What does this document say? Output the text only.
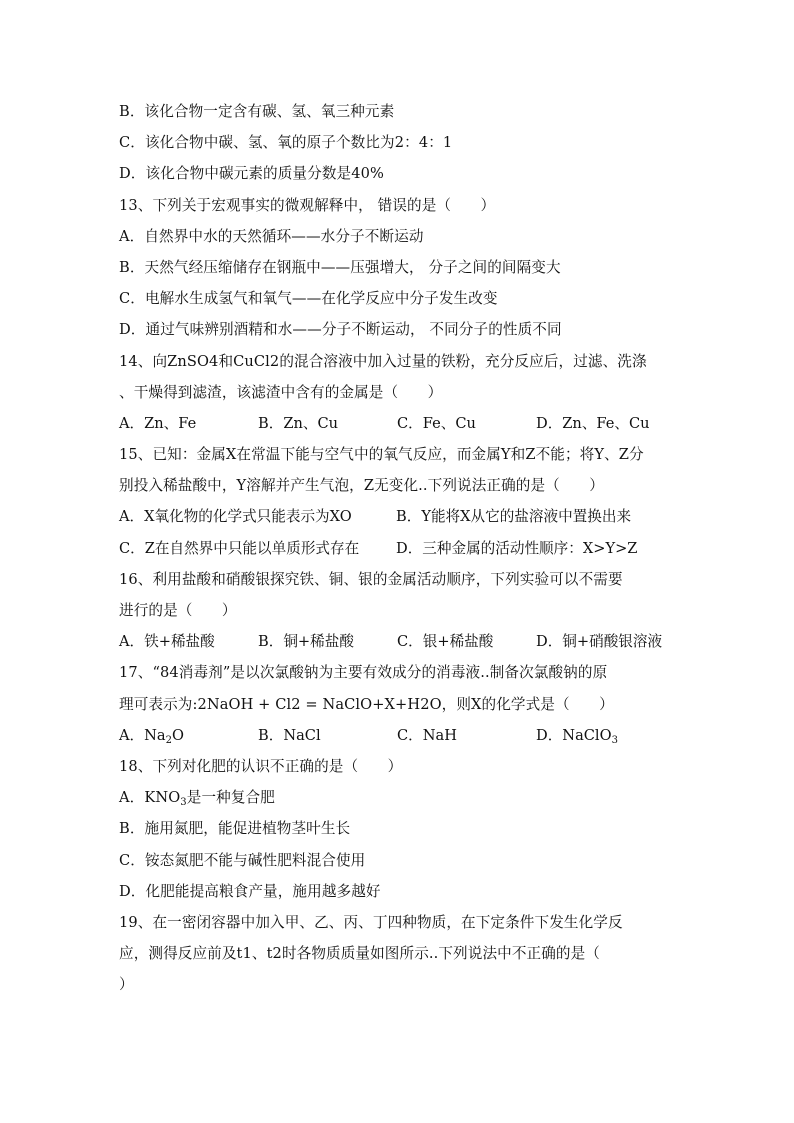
B．该化合物一定含有碳、氢、氧三种元素
C．该化合物中碳、氢、氧的原子个数比为2：4：1
D．该化合物中碳元素的质量分数是40%
13、下列关于宏观事实的微观解释中， 错误的是（　　）
A．自然界中水的天然循环——水分子不断运动
B．天然气经压缩储存在钢瓶中——压强增大， 分子之间的间隔变大
C．电解水生成氢气和氧气——在化学反应中分子发生改变
D．通过气味辨别酒精和水——分子不断运动， 不同分子的性质不同
14、向ZnSO4和CuCl2的混合溶液中加入过量的铁粉，充分反应后，过滤、洗涤
、干燥得到滤渣，该滤渣中含有的金属是（　　）
A．Zn、Fe	B．Zn、Cu	C．Fe、Cu	D．Zn、Fe、Cu
15、已知：金属X在常温下能与空气中的氧气反应，而金属Y和Z不能；将Y、Z分
别投入稀盐酸中，Y溶解并产生气泡，Z无变化..下列说法正确的是（　　）
A．X氧化物的化学式只能表示为XO	B．Y能将X从它的盐溶液中置换出来
C．Z在自然界中只能以单质形式存在	D．三种金属的活动性顺序：X>Y>Z
16、利用盐酸和硝酸银探究铁、铜、银的金属活动顺序，下列实验可以不需要
进行的是（　　）
A．铁+稀盐酸	B．铜+稀盐酸	C．银+稀盐酸	D．铜+硝酸银溶液
17、“84消毒剂”是以次氯酸钠为主要有效成分的消毒液..制备次氯酸钠的原
理可表示为:2NaOH + Cl2 = NaClO+X+H2O，则X的化学式是（　　）
A．$Na_2O$	B．NaCl	C．NaH	D．NaClO$_3$
18、下列对化肥的认识不正确的是（　　）
A．$KNO_3$是一种复合肥
B．施用氮肥，能促进植物茎叶生长
C．铵态氮肥不能与碱性肥料混合使用
D．化肥能提高粮食产量，施用越多越好
19、在一密闭容器中加入甲、乙、丙、丁四种物质，在下定条件下发生化学反
应，测得反应前及t1、t2时各物质质量如图所示..下列说法中不正确的是（
）
